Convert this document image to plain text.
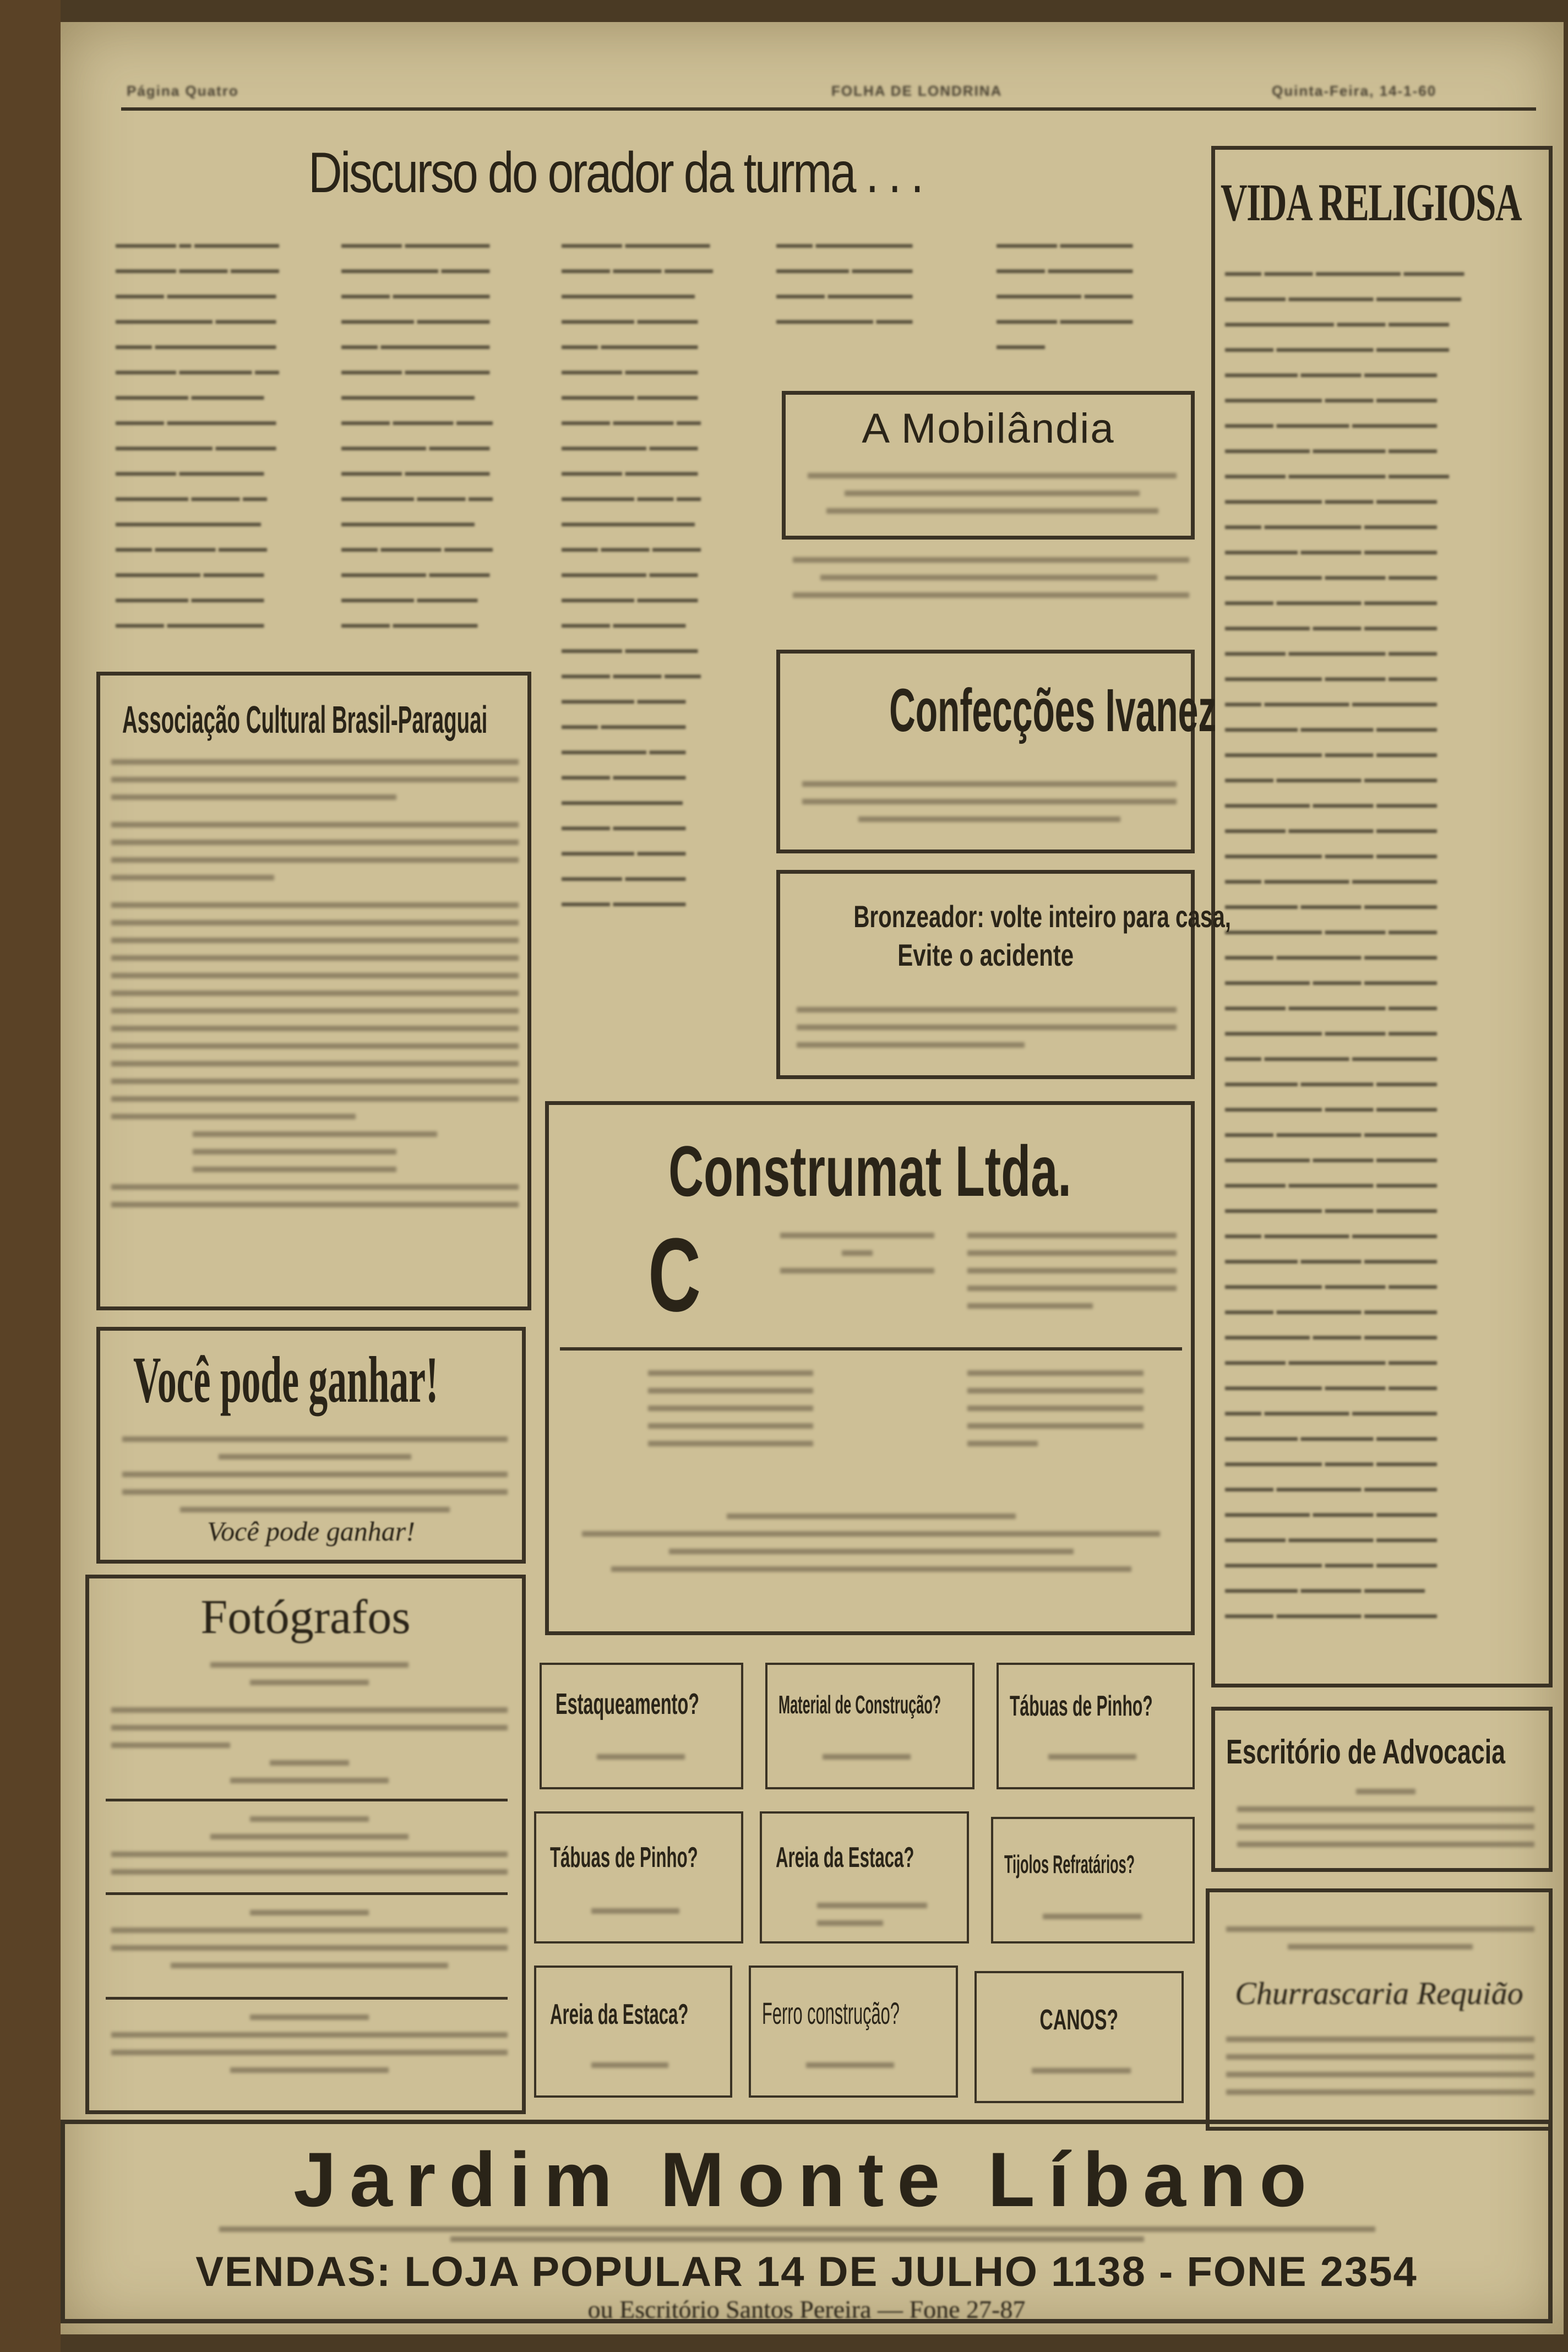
Página Quatro	FOLHA DE LONDRINA	Quinta-Feira, 14-1-60
Discurso do orador da turma . . .
▬▬▬▬▬ ▬ ▬▬▬▬▬▬▬
▬▬▬▬▬ ▬▬▬▬ ▬▬▬▬
▬▬▬▬ ▬▬▬▬▬▬▬▬▬
▬▬▬▬▬▬▬▬ ▬▬▬▬▬
▬▬▬ ▬▬▬▬▬▬▬▬▬▬
▬▬▬▬▬ ▬▬▬▬▬▬ ▬▬
▬▬▬▬▬▬ ▬▬▬▬▬▬
▬▬▬▬ ▬▬▬▬▬▬▬▬▬
▬▬▬▬▬▬▬▬ ▬▬▬▬▬
▬▬▬▬▬ ▬▬▬▬▬▬▬
▬▬▬▬▬▬ ▬▬▬▬ ▬▬
▬▬▬▬▬▬▬▬▬▬▬▬
▬▬▬ ▬▬▬▬▬ ▬▬▬▬
▬▬▬▬▬▬▬ ▬▬▬▬▬
▬▬▬▬▬▬ ▬▬▬▬▬▬
▬▬▬▬ ▬▬▬▬▬▬▬▬
▬▬▬▬▬ ▬▬▬▬▬▬▬
▬▬▬▬▬▬▬▬ ▬▬▬▬
▬▬▬▬ ▬▬▬▬▬▬▬▬
▬▬▬▬▬▬ ▬▬▬▬▬▬
▬▬▬ ▬▬▬▬▬▬▬▬▬
▬▬▬▬▬ ▬▬▬▬▬▬▬
▬▬▬▬▬▬▬▬▬▬▬
▬▬▬▬ ▬▬▬▬▬ ▬▬▬
▬▬▬▬▬▬▬ ▬▬▬▬▬
▬▬▬▬▬ ▬▬▬▬▬▬▬
▬▬▬▬▬▬ ▬▬▬▬ ▬▬
▬▬▬▬▬▬▬▬▬▬▬
▬▬▬ ▬▬▬▬▬ ▬▬▬▬
▬▬▬▬▬▬▬ ▬▬▬▬▬
▬▬▬▬▬▬ ▬▬▬▬▬
▬▬▬▬ ▬▬▬▬▬▬▬
▬▬▬▬▬ ▬▬▬▬▬▬▬
▬▬▬▬ ▬▬▬▬ ▬▬▬▬
▬▬▬▬▬▬▬▬▬▬▬
▬▬▬▬▬▬ ▬▬▬▬▬
▬▬▬ ▬▬▬▬▬▬▬▬
▬▬▬▬▬ ▬▬▬▬▬▬
▬▬▬▬▬▬ ▬▬▬▬▬
▬▬▬▬ ▬▬▬▬▬ ▬▬
▬▬▬▬▬▬▬ ▬▬▬▬
▬▬▬▬▬ ▬▬▬▬▬▬
▬▬▬▬▬▬ ▬▬▬ ▬▬
▬▬▬▬▬▬▬▬▬▬▬
▬▬▬ ▬▬▬▬ ▬▬▬▬
▬▬▬▬▬▬▬ ▬▬▬▬
▬▬▬▬▬▬ ▬▬▬▬▬
▬▬▬▬ ▬▬▬▬▬▬
▬▬▬▬▬ ▬▬▬▬▬▬
▬▬▬▬ ▬▬▬▬ ▬▬▬
▬▬▬▬▬▬ ▬▬▬▬
▬▬▬ ▬▬▬▬▬▬▬
▬▬▬▬▬▬▬ ▬▬▬
▬▬▬▬ ▬▬▬▬▬▬
▬▬▬▬▬▬▬▬▬▬
▬▬▬▬ ▬▬▬▬▬▬
▬▬▬▬▬▬ ▬▬▬▬
▬▬▬▬▬ ▬▬▬▬▬
▬▬▬▬ ▬▬▬▬▬▬
▬▬▬ ▬▬▬▬▬▬▬▬
▬▬▬▬▬▬ ▬▬▬▬▬
▬▬▬▬ ▬▬▬▬▬▬▬
▬▬▬▬▬▬▬▬ ▬▬▬
▬▬▬▬▬ ▬▬▬▬▬▬
▬▬▬▬ ▬▬▬▬▬▬▬
▬▬▬▬▬▬▬ ▬▬▬▬
▬▬▬▬▬ ▬▬▬▬▬▬
▬▬▬▬
VIDA RELIGIOSA
▬▬▬ ▬▬▬▬ ▬▬▬▬▬▬▬ ▬▬▬▬▬
▬▬▬▬▬ ▬▬▬▬▬▬▬ ▬▬▬▬▬▬▬
▬▬▬▬▬▬▬▬▬ ▬▬▬▬ ▬▬▬▬▬
▬▬▬▬ ▬▬▬▬▬▬▬▬ ▬▬▬▬▬▬
▬▬▬▬▬▬ ▬▬▬▬▬ ▬▬▬▬▬▬
▬▬▬▬▬▬▬▬ ▬▬▬▬ ▬▬▬▬▬
▬▬▬▬ ▬▬▬▬▬▬ ▬▬▬▬▬▬▬
▬▬▬▬▬▬▬ ▬▬▬▬▬▬ ▬▬▬▬
▬▬▬▬▬ ▬▬▬▬▬▬▬▬ ▬▬▬▬▬
▬▬▬▬▬▬▬▬ ▬▬▬▬ ▬▬▬▬▬
▬▬▬ ▬▬▬▬▬▬▬▬ ▬▬▬▬▬▬
▬▬▬▬▬▬ ▬▬▬▬▬ ▬▬▬▬▬▬
▬▬▬▬▬▬▬▬ ▬▬▬▬▬ ▬▬▬▬
▬▬▬▬ ▬▬▬▬▬▬▬ ▬▬▬▬▬▬
▬▬▬▬▬▬▬ ▬▬▬▬ ▬▬▬▬▬▬
▬▬▬▬▬ ▬▬▬▬▬▬▬▬ ▬▬▬▬
▬▬▬▬▬▬▬▬ ▬▬▬▬▬ ▬▬▬▬
▬▬▬ ▬▬▬▬▬▬▬ ▬▬▬▬▬▬▬
▬▬▬▬▬▬ ▬▬▬▬▬▬ ▬▬▬▬▬
▬▬▬▬▬▬▬▬ ▬▬▬▬ ▬▬▬▬▬
▬▬▬▬ ▬▬▬▬▬▬▬ ▬▬▬▬▬▬
▬▬▬▬▬▬▬ ▬▬▬▬▬ ▬▬▬▬▬
▬▬▬▬▬ ▬▬▬▬▬▬▬ ▬▬▬▬▬
▬▬▬▬▬▬▬▬ ▬▬▬▬ ▬▬▬▬▬
▬▬▬ ▬▬▬▬▬▬▬ ▬▬▬▬▬▬▬
▬▬▬▬▬▬ ▬▬▬▬▬ ▬▬▬▬▬▬
▬▬▬▬▬▬▬▬ ▬▬▬▬▬ ▬▬▬▬
▬▬▬▬ ▬▬▬▬▬▬▬ ▬▬▬▬▬▬
▬▬▬▬▬▬▬ ▬▬▬▬ ▬▬▬▬▬▬
▬▬▬▬▬ ▬▬▬▬▬▬▬▬ ▬▬▬▬
▬▬▬▬▬▬▬▬ ▬▬▬▬▬ ▬▬▬▬
▬▬▬ ▬▬▬▬▬▬▬ ▬▬▬▬▬▬▬
▬▬▬▬▬▬ ▬▬▬▬▬▬ ▬▬▬▬▬
▬▬▬▬▬▬▬▬ ▬▬▬▬ ▬▬▬▬▬
▬▬▬▬ ▬▬▬▬▬▬▬ ▬▬▬▬▬▬
▬▬▬▬▬▬▬ ▬▬▬▬▬ ▬▬▬▬▬
▬▬▬▬▬ ▬▬▬▬▬▬▬ ▬▬▬▬▬
▬▬▬▬▬▬▬▬ ▬▬▬▬ ▬▬▬▬▬
▬▬▬ ▬▬▬▬▬▬▬ ▬▬▬▬▬▬▬
▬▬▬▬▬▬ ▬▬▬▬▬ ▬▬▬▬▬▬
▬▬▬▬▬▬▬▬ ▬▬▬▬▬ ▬▬▬▬
▬▬▬▬ ▬▬▬▬▬▬▬ ▬▬▬▬▬▬
▬▬▬▬▬▬▬ ▬▬▬▬ ▬▬▬▬▬▬
▬▬▬▬▬ ▬▬▬▬▬▬▬▬ ▬▬▬▬
▬▬▬▬▬▬▬▬ ▬▬▬▬▬ ▬▬▬▬
▬▬▬ ▬▬▬▬▬▬▬ ▬▬▬▬▬▬▬
▬▬▬▬▬▬ ▬▬▬▬▬▬ ▬▬▬▬▬
▬▬▬▬▬▬▬▬ ▬▬▬▬ ▬▬▬▬▬
▬▬▬▬ ▬▬▬▬▬▬▬ ▬▬▬▬▬▬
▬▬▬▬▬▬▬ ▬▬▬▬▬ ▬▬▬▬▬
▬▬▬▬▬ ▬▬▬▬▬▬▬ ▬▬▬▬▬
▬▬▬▬▬▬▬▬ ▬▬▬▬ ▬▬▬▬▬
▬▬▬▬▬▬ ▬▬▬▬▬ ▬▬▬▬▬
▬▬▬▬ ▬▬▬▬▬▬▬ ▬▬▬▬▬▬
A Mobilândia
Confecções Ivanez
Bronzeador: volte inteiro para casa,
Evite o acidente
Construmat Ltda.
C
Associação Cultural Brasil-Paraguai
Você pode ganhar!
Você pode ganhar!
Fotógrafos
Estaqueamento?	Material de Construção?	Tábuas de Pinho?
Tábuas de Pinho?	Areia da Estaca?	Tijolos Refratários?
Areia da Estaca?	Ferro construção?	CANOS?
Escritório de Advocacia
Churrascaria Requião
Jardim Monte Líbano
VENDAS: LOJA POPULAR 14 DE JULHO 1138 - FONE 2354
ou Escritório Santos Pereira — Fone 27-87
